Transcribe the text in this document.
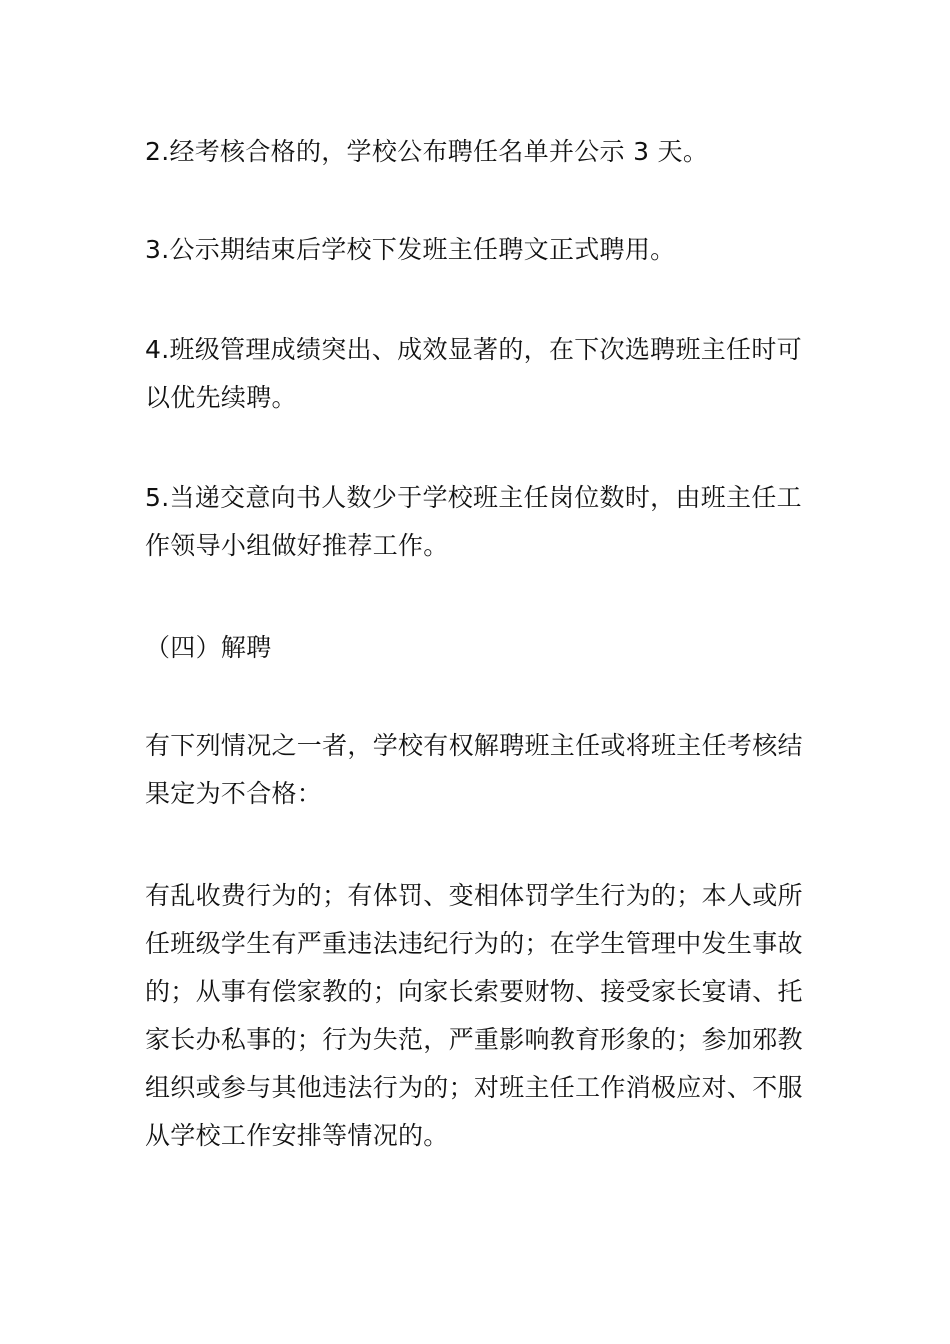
2.经考核合格的，学校公布聘任名单并公示 3 天。

3.公示期结束后学校下发班主任聘文正式聘用。

4.班级管理成绩突出、成效显著的，在下次选聘班主任时可以优先续聘。

5.当递交意向书人数少于学校班主任岗位数时，由班主任工作领导小组做好推荐工作。

（四）解聘

有下列情况之一者，学校有权解聘班主任或将班主任考核结果定为不合格：

有乱收费行为的；有体罚、变相体罚学生行为的；本人或所任班级学生有严重违法违纪行为的；在学生管理中发生事故的；从事有偿家教的；向家长索要财物、接受家长宴请、托家长办私事的；行为失范，严重影响教育形象的；参加邪教组织或参与其他违法行为的；对班主任工作消极应对、不服从学校工作安排等情况的。
